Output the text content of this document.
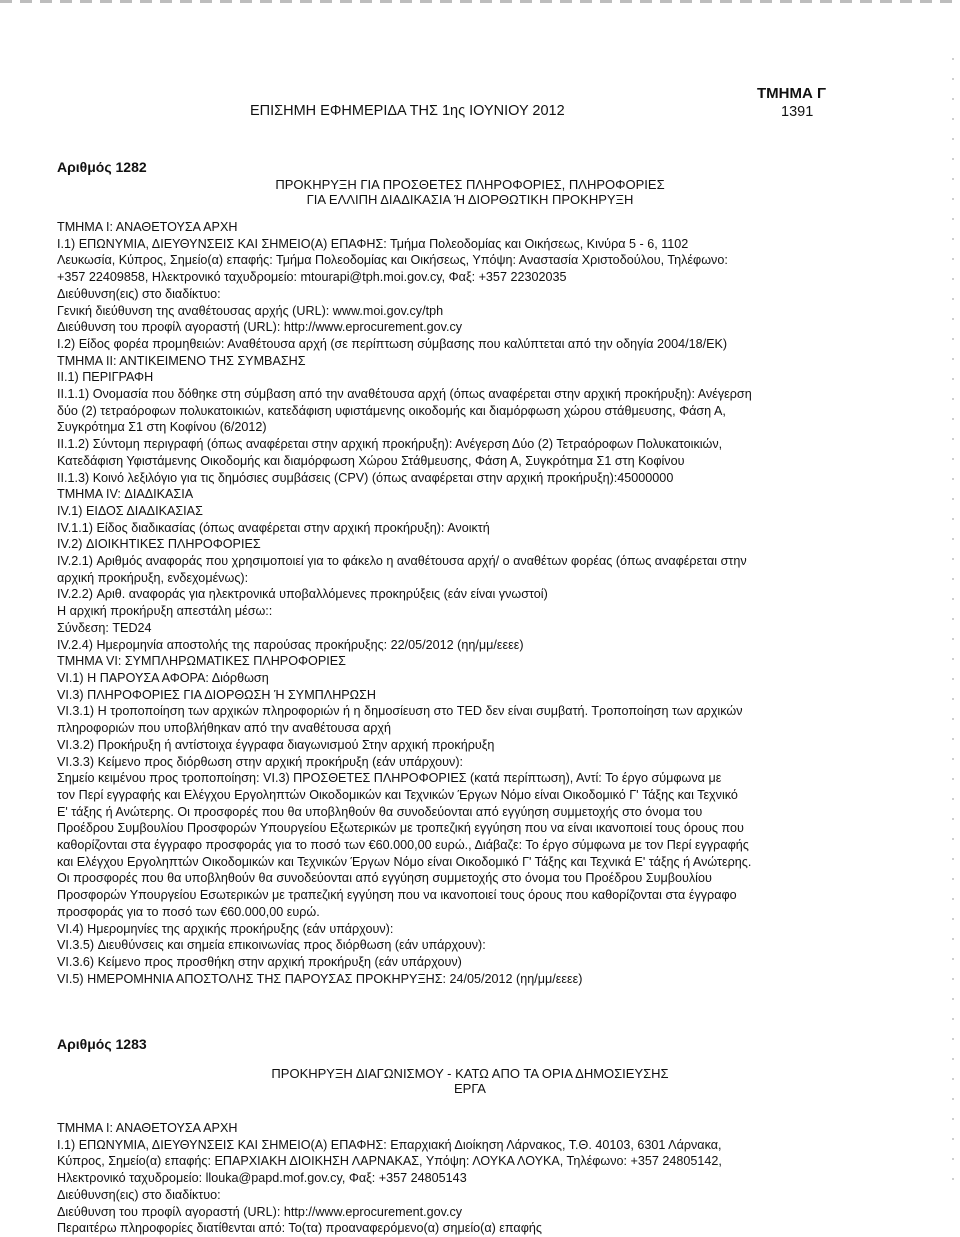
ΤΜΗΜΑ Γ
ΕΠΙΣΗΜΗ ΕΦΗΜΕΡΙΔΑ ΤΗΣ 1ης ΙΟΥΝΙΟΥ 2012	1391
Αριθμός 1282
ΠΡΟΚΗΡΥΞΗ ΓΙΑ ΠΡΟΣΘΕΤΕΣ ΠΛΗΡΟΦΟΡΙΕΣ, ΠΛΗΡΟΦΟΡΙΕΣ
ΓΙΑ ΕΛΛΙΠΗ ΔΙΑΔΙΚΑΣΙΑ Ή ΔΙΟΡΘΩΤΙΚΗ ΠΡΟΚΗΡΥΞΗ
ΤΜΗΜΑ Ι: ΑΝΑΘΕΤΟΥΣΑ ΑΡΧΗ
Ι.1) ΕΠΩΝΥΜΙΑ, ΔΙΕΥΘΥΝΣΕΙΣ ΚΑΙ ΣΗΜΕΙΟ(Α) ΕΠΑΦΗΣ: Τμήμα Πολεοδομίας και Οικήσεως, Κινύρα 5 - 6, 1102
Λευκωσία, Κύπρος, Σημείο(α) επαφής: Τμήμα Πολεοδομίας και Οικήσεως, Υπόψη: Αναστασία Χριστοδούλου, Τηλέφωνο:
+357 22409858, Ηλεκτρονικό ταχυδρομείο: mtourapi@tph.moi.gov.cy, Φαξ: +357 22302035
Διεύθυνση(εις) στο διαδίκτυο:
Γενική διεύθυνση της αναθέτουσας αρχής (URL): www.moi.gov.cy/tph
Διεύθυνση του προφίλ αγοραστή (URL): http://www.eprocurement.gov.cy
Ι.2) Είδος φορέα προμηθειών: Αναθέτουσα αρχή (σε περίπτωση σύμβασης που καλύπτεται από την οδηγία 2004/18/ΕΚ)
ΤΜΗΜΑ ΙΙ: ΑΝΤΙΚΕΙΜΕΝΟ ΤΗΣ ΣΥΜΒΑΣΗΣ
ΙΙ.1) ΠΕΡΙΓΡΑΦΗ
ΙΙ.1.1) Ονομασία που δόθηκε στη σύμβαση από την αναθέτουσα αρχή (όπως αναφέρεται στην αρχική προκήρυξη): Ανέγερση
δύο (2) τετραόροφων πολυκατοικιών, κατεδάφιση υφιστάμενης οικοδομής και διαμόρφωση χώρου στάθμευσης, Φάση Α,
Συγκρότημα Σ1 στη Κοφίνου (6/2012)
ΙΙ.1.2) Σύντομη περιγραφή (όπως αναφέρεται στην αρχική προκήρυξη): Ανέγερση Δύο (2) Τετραόροφων Πολυκατοικιών,
Κατεδάφιση Υφιστάμενης Οικοδομής και διαμόρφωση Χώρου Στάθμευσης, Φάση Α, Συγκρότημα Σ1 στη Κοφίνου
ΙΙ.1.3) Κοινό λεξιλόγιο για τις δημόσιες συμβάσεις (CPV) (όπως αναφέρεται στην αρχική προκήρυξη):45000000
ΤΜΗΜΑ IV: ΔΙΑΔΙΚΑΣΙΑ
IV.1) ΕΙΔΟΣ ΔΙΑΔΙΚΑΣΙΑΣ
IV.1.1) Είδος διαδικασίας (όπως αναφέρεται στην αρχική προκήρυξη): Ανοικτή
IV.2) ΔΙΟΙΚΗΤΙΚΕΣ ΠΛΗΡΟΦΟΡΙΕΣ
IV.2.1) Αριθμός αναφοράς που χρησιμοποιεί για το φάκελο η αναθέτουσα αρχή/ ο αναθέτων φορέας (όπως αναφέρεται στην
αρχική προκήρυξη, ενδεχομένως):
IV.2.2) Αριθ. αναφοράς για ηλεκτρονικά υποβαλλόμενες προκηρύξεις (εάν είναι γνωστοί)
Η αρχική προκήρυξη απεστάλη μέσω::
Σύνδεση: TED24
IV.2.4) Ημερομηνία αποστολής της παρούσας προκήρυξης: 22/05/2012 (ηη/μμ/εεεε)
ΤΜΗΜΑ VI: ΣΥΜΠΛΗΡΩΜΑΤΙΚΕΣ ΠΛΗΡΟΦΟΡΙΕΣ
VI.1) Η ΠΑΡΟΥΣΑ ΑΦΟΡΑ: Διόρθωση
VI.3) ΠΛΗΡΟΦΟΡΙΕΣ ΓΙΑ ΔΙΟΡΘΩΣΗ Ή ΣΥΜΠΛΗΡΩΣΗ
VI.3.1) Η τροποποίηση των αρχικών πληροφοριών ή η δημοσίευση στο TED δεν είναι συμβατή. Τροποποίηση των αρχικών
πληροφοριών που υποβλήθηκαν από την αναθέτουσα αρχή
VI.3.2) Προκήρυξη ή αντίστοιχα έγγραφα διαγωνισμού Στην αρχική προκήρυξη
VI.3.3) Κείμενο προς διόρθωση στην αρχική προκήρυξη (εάν υπάρχουν):
Σημείο κειμένου προς τροποποίηση: VI.3) ΠΡΟΣΘΕΤΕΣ ΠΛΗΡΟΦΟΡΙΕΣ (κατά περίπτωση), Αντί: Το έργο σύμφωνα με
τον Περί εγγραφής και Ελέγχου Εργοληπτών Οικοδομικών και Τεχνικών Έργων Νόμο είναι Οικοδομικό Γ' Τάξης και Τεχνικό
Ε' τάξης ή Ανώτερης. Οι προσφορές που θα υποβληθούν θα συνοδεύονται από εγγύηση συμμετοχής στο όνομα του
Προέδρου Συμβουλίου Προσφορών Υπουργείου Εξωτερικών με τροπεζική εγγύηση που να είναι ικανοποιεί τους όρους που
καθορίζονται στα έγγραφο προσφοράς για το ποσό των €60.000,00 ευρώ., Διάβαζε: Το έργο σύμφωνα με τον Περί εγγραφής
και Ελέγχου Εργοληπτών Οικοδομικών και Τεχνικών Έργων Νόμο είναι Οικοδομικό Γ' Τάξης και Τεχνικά Ε' τάξης ή Ανώτερης.
Οι προσφορές που θα υποβληθούν θα συνοδεύονται από εγγύηση συμμετοχής στο όνομα του Προέδρου Συμβουλίου
Προσφορών Υπουργείου Εσωτερικών με τραπεζική εγγύηση που να ικανοποιεί τους όρους που καθορίζονται στα έγγραφο
προσφοράς για το ποσό των €60.000,00 ευρώ.
VI.4) Ημερομηνίες της αρχικής προκήρυξης (εάν υπάρχουν):
VI.3.5) Διευθύνσεις και σημεία επικοινωνίας προς διόρθωση (εάν υπάρχουν):
VI.3.6) Κείμενο προς προσθήκη στην αρχική προκήρυξη (εάν υπάρχουν)
VI.5) ΗΜΕΡΟΜΗΝΙΑ ΑΠΟΣΤΟΛΗΣ ΤΗΣ ΠΑΡΟΥΣΑΣ ΠΡΟΚΗΡΥΞΗΣ: 24/05/2012 (ηη/μμ/εεεε)
Αριθμός 1283
ΠΡΟΚΗΡΥΞΗ ΔΙΑΓΩΝΙΣΜΟΥ - ΚΑΤΩ ΑΠΟ ΤΑ ΟΡΙΑ ΔΗΜΟΣΙΕΥΣΗΣ
ΕΡΓΑ
ΤΜΗΜΑ Ι: ΑΝΑΘΕΤΟΥΣΑ ΑΡΧΗ
Ι.1) ΕΠΩΝΥΜΙΑ, ΔΙΕΥΘΥΝΣΕΙΣ ΚΑΙ ΣΗΜΕΙΟ(Α) ΕΠΑΦΗΣ: Επαρχιακή Διοίκηση Λάρνακος, Τ.Θ. 40103, 6301 Λάρνακα,
Κύπρος, Σημείο(α) επαφής: ΕΠΑΡΧΙΑΚΗ ΔΙΟΙΚΗΣΗ ΛΑΡΝΑΚΑΣ, Υπόψη: ΛΟΥΚΑ ΛΟΥΚΑ, Τηλέφωνο: +357 24805142,
Ηλεκτρονικό ταχυδρομείο: llouka@papd.mof.gov.cy, Φαξ: +357 24805143
Διεύθυνση(εις) στο διαδίκτυο:
Διεύθυνση του προφίλ αγοραστή (URL): http://www.eprocurement.gov.cy
Περαιτέρω πληροφορίες διατίθενται από: Το(τα) προαναφερόμενο(α) σημείο(α) επαφής
